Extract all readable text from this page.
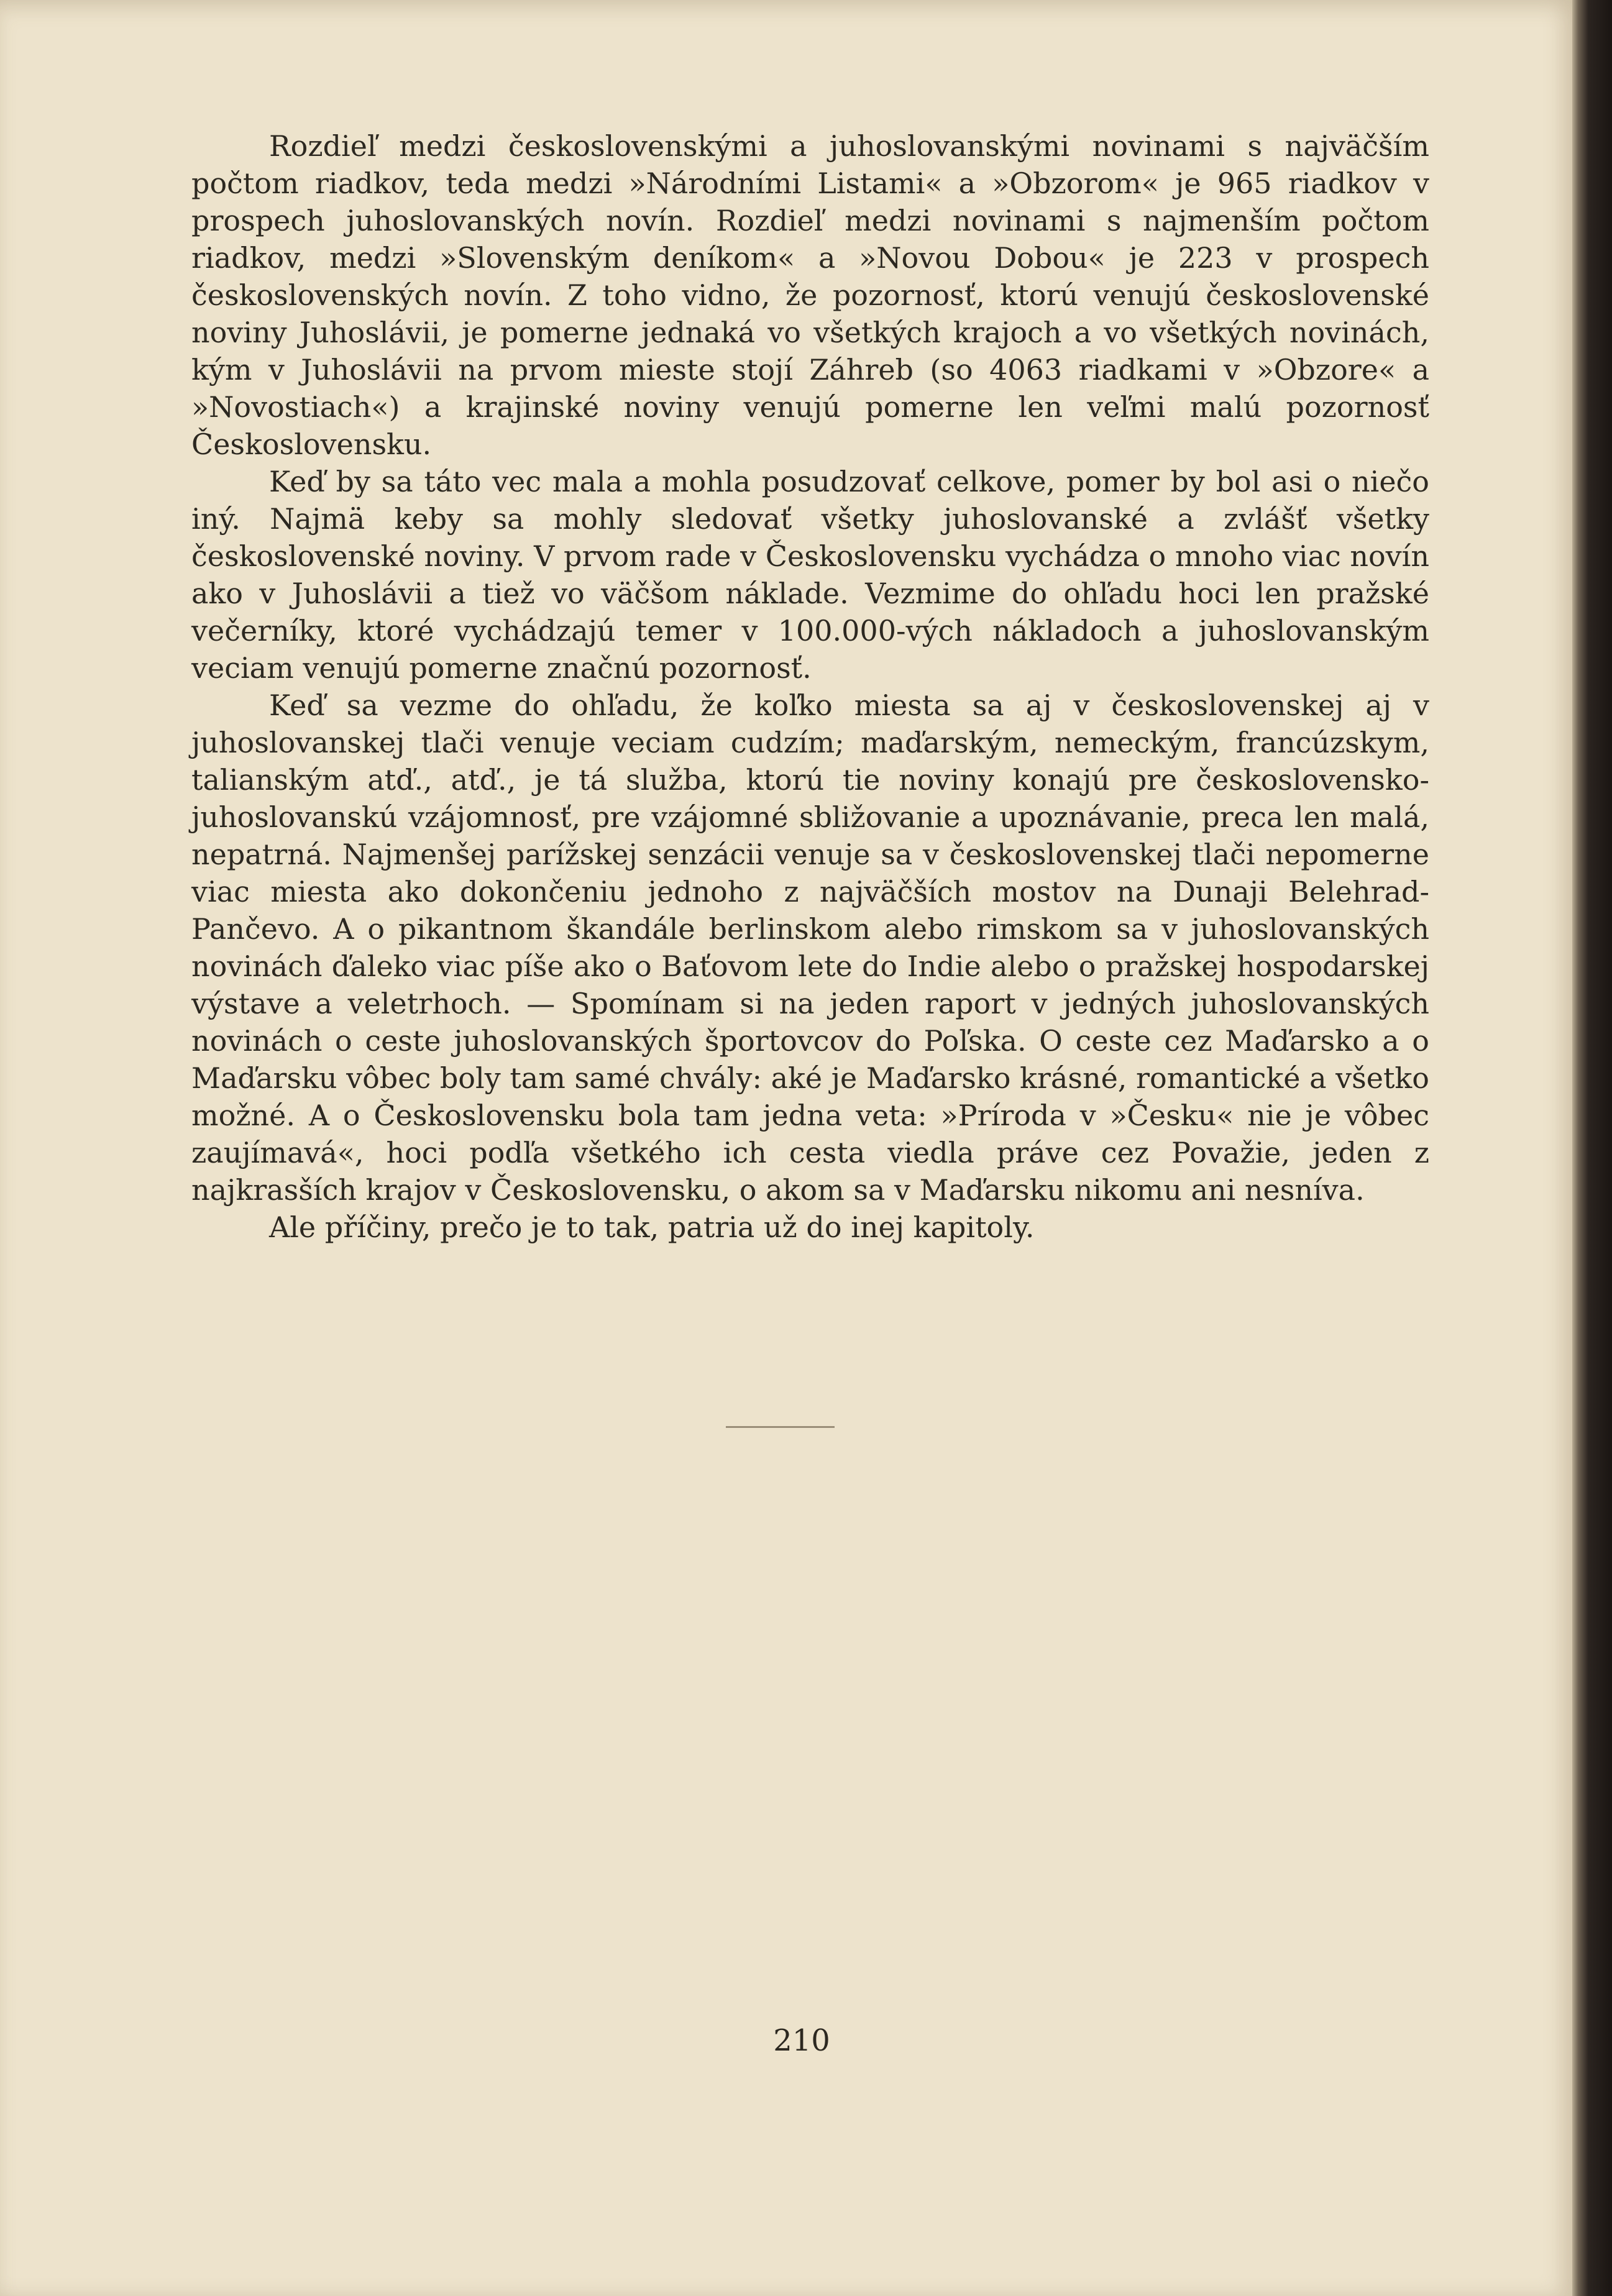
Rozdieľ medzi československými a juhoslovanskými novinami s najväčším počtom riadkov, teda medzi »Národními Listami« a »Obzorom« je 965 riadkov v prospech juhoslovanských novín. Rozdieľ medzi novinami s najmenším počtom riadkov, medzi »Slovenským deníkom« a »Novou Dobou« je 223 v prospech československých novín. Z toho vidno, že pozornosť, ktorú venujú československé noviny Juhoslávii, je pomerne jednaká vo všetkých krajoch a vo všetkých novinách, kým v Juhoslávii na prvom mieste stojí Záhreb (so 4063 riadkami v »Obzore« a »Novostiach«) a krajinské noviny venujú pomerne len veľmi malú pozornosť Československu.

Keď by sa táto vec mala a mohla posudzovať celkove, pomer by bol asi o niečo iný. Najmä keby sa mohly sledovať všetky juhoslovanské a zvlášť všetky československé noviny. V prvom rade v Československu vychádza o mnoho viac novín ako v Juhoslávii a tiež vo väčšom náklade. Vezmime do ohľadu hoci len pražské večerníky, ktoré vychádzajú temer v 100.000-vých nákladoch a juhoslovanským veciam venujú pomerne značnú pozornosť.

Keď sa vezme do ohľadu, že koľko miesta sa aj v československej aj v juhoslovanskej tlači venuje veciam cudzím; maďarským, nemeckým, francúzskym, talianským atď., atď., je tá služba, ktorú tie noviny konajú pre československo-juhoslovanskú vzájomnosť, pre vzájomné sbližovanie a upoznávanie, preca len malá, nepatrná. Najmenšej parížskej senzácii venuje sa v československej tlači nepomerne viac miesta ako dokončeniu jednoho z najväčších mostov na Dunaji Belehrad-Pančevo. A o pikantnom škandále berlinskom alebo rimskom sa v juhoslovanských novinách ďaleko viac píše ako o Baťovom lete do Indie alebo o pražskej hospodarskej výstave a veletrhoch. — Spomínam si na jeden raport v jedných juhoslovanských novinách o ceste juhoslovanských športovcov do Poľska. O ceste cez Maďarsko a o Maďarsku vôbec boly tam samé chvály: aké je Maďarsko krásné, romantické a všetko možné. A o Československu bola tam jedna veta: »Príroda v »Česku« nie je vôbec zaujímavá«, hoci podľa všetkého ich cesta viedla práve cez Považie, jeden z najkrasších krajov v Československu, o akom sa v Maďarsku nikomu ani nesníva.

Ale příčiny, prečo je to tak, patria už do inej kapitoly.

210
